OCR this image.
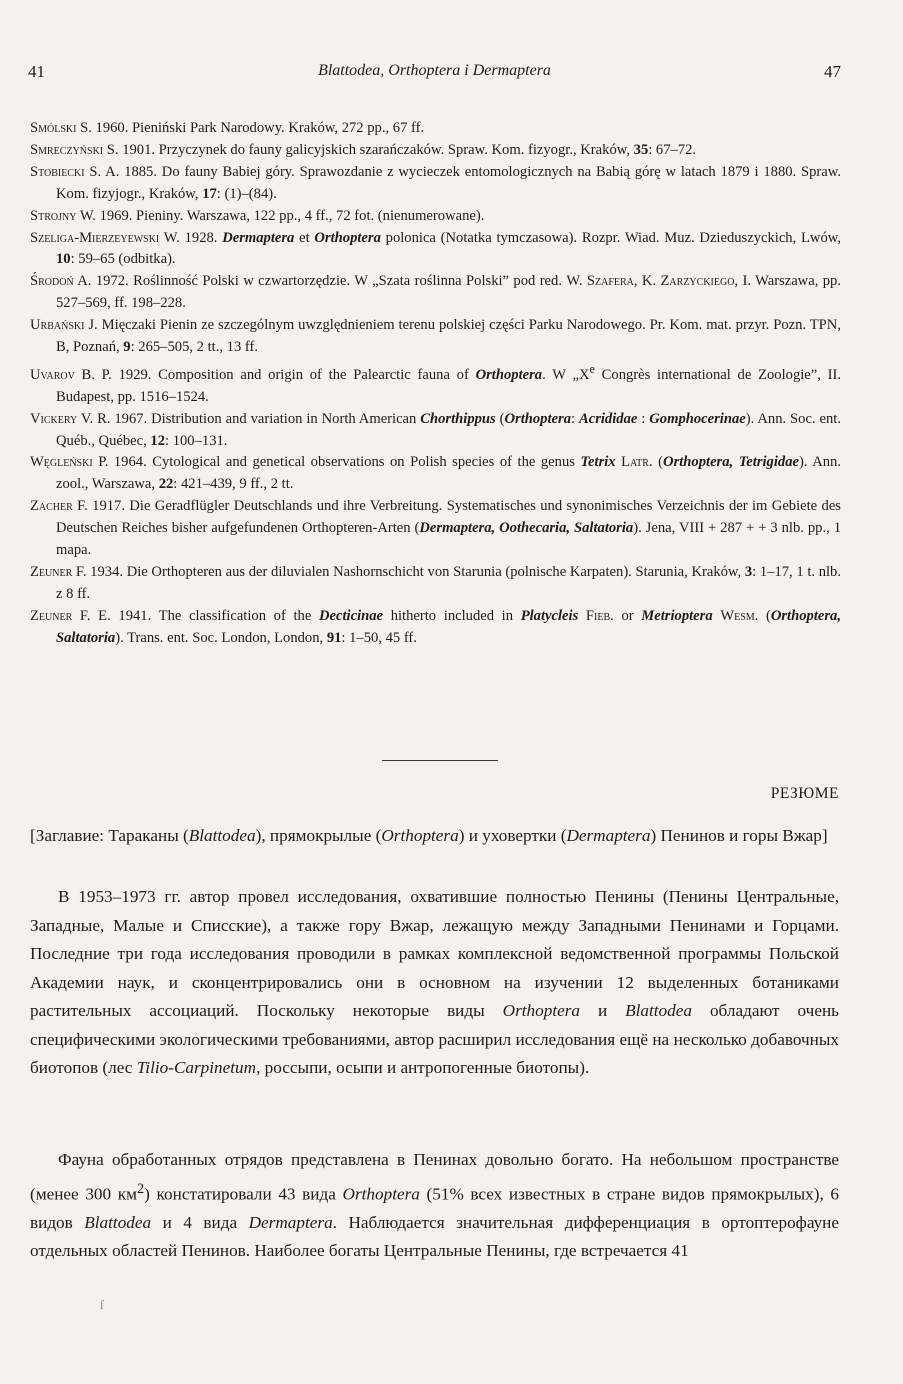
41	Blattodea, Orthoptera i Dermaptera	47

Smólski S. 1960. Pieniński Park Narodowy. Kraków, 272 pp., 67 ff.

Smreczyński S. 1901. Przyczynek do fauny galicyjskich szarańczaków. Spraw. Kom. fizyogr., Kraków, 35: 67–72.

Stobiecki S. A. 1885. Do fauny Babiej góry. Sprawozdanie z wycieczek entomologicznych na Babią górę w latach 1879 i 1880. Spraw. Kom. fizyjogr., Kraków, 17: (1)–(84).

Strojny W. 1969. Pieniny. Warszawa, 122 pp., 4 ff., 72 fot. (nienumerowane).

Szeliga-Mierzeyewski W. 1928. Dermaptera et Orthoptera polonica (Notatka tymczasowa). Rozpr. Wiad. Muz. Dzieduszyckich, Lwów, 10: 59–65 (odbitka).

Środoń A. 1972. Roślinność Polski w czwartorzędzie. W „Szata roślinna Polski” pod red. W. Szafera, K. Zarzyckiego, I. Warszawa, pp. 527–569, ff. 198–228.

Urbański J. Mięczaki Pienin ze szczególnym uwzględnieniem terenu polskiej części Parku Narodowego. Pr. Kom. mat. przyr. Pozn. TPN, B, Poznań, 9: 265–505, 2 tt., 13 ff.

Uvarov B. P. 1929. Composition and origin of the Palearctic fauna of Orthoptera. W „Xe Congrès international de Zoologie”, II. Budapest, pp. 1516–1524.

Vickery V. R. 1967. Distribution and variation in North American Chorthippus (Orthoptera: Acrididae : Gomphocerinae). Ann. Soc. ent. Québ., Québec, 12: 100–131.

Węgleński P. 1964. Cytological and genetical observations on Polish species of the genus Tetrix Latr. (Orthoptera, Tetrigidae). Ann. zool., Warszawa, 22: 421–439, 9 ff., 2 tt.

Zacher F. 1917. Die Geradflügler Deutschlands und ihre Verbreitung. Systematisches und synonimisches Verzeichnis der im Gebiete des Deutschen Reiches bisher aufgefundenen Orthopteren-Arten (Dermaptera, Oothecaria, Saltatoria). Jena, VIII + 287 + + 3 nlb. pp., 1 mapa.

Zeuner F. 1934. Die Orthopteren aus der diluvialen Nashornschicht von Starunia (polnische Karpaten). Starunia, Kraków, 3: 1–17, 1 t. nlb. z 8 ff.

Zeuner F. E. 1941. The classification of the Decticinae hitherto included in Platycleis Fieb. or Metrioptera Wesm. (Orthoptera, Saltatoria). Trans. ent. Soc. London, London, 91: 1–50, 45 ff.

РЕЗЮМЕ
[Заглавие: Тараканы (Blattodea), прямокрылые (Orthoptera) и уховертки (Dermaptera) Пенинов и горы Вжар]
В 1953–1973 гг. автор провел исследования, охватившие полностью Пенины (Пенины Центральные, Западные, Малые и Списские), а также гору Вжар, лежащую между Западными Пенинами и Горцами. Последние три года исследования проводили в рамках комплексной ведомственной программы Польской Академии наук, и сконцентрировались они в основном на изучении 12 выделенных ботаниками растительных ассоциаций. Поскольку некоторые виды Orthoptera и Blattodea обладают очень специфическими экологическими требованиями, автор расширил исследования ещё на несколько добавочных биотопов (лес Tilio-Carpinetum, россыпи, осыпи и антропогенные биотопы).
Фауна обработанных отрядов представлена в Пенинах довольно богато. На небольшом пространстве (менее 300 $км^2$) констатировали 43 вида Orthoptera (51% всех известных в стране видов прямокрылых), 6 видов Blattodea и 4 вида Dermaptera. Наблюдается значительная дифференциация в ортоптерофауне отдельных областей Пенинов. Наиболее богаты Центральные Пенины, где встречается 41
ſ
